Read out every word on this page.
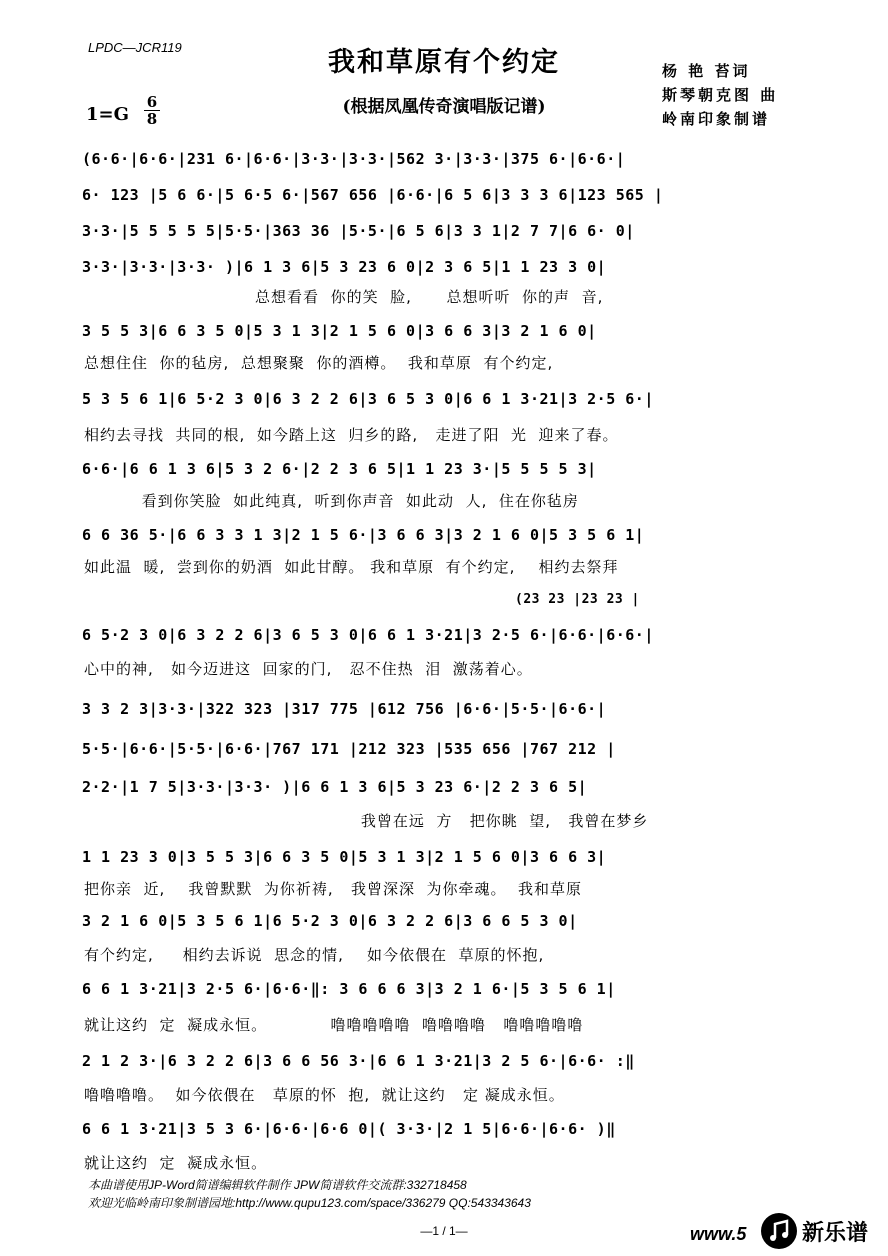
LPDC—JCR119	我和草原有个约定
(根据凤凰传奇演唱版记谱)
杨 艳 苔词
斯琴朝克图 曲
岭南印象制谱
$1=G \frac{6}{8}$
(6·6·|6·6·|231 6·|6·6·|3·3·|3·3·|562 3·|3·3·|375 6·|6·6·|
6· 123 |5 6 6·|5 6·5 6·|567 656 |6·6·|6 5 6|3 3 3 6|123 565 |
3·3·|5 5 5 5 5|5·5·|363 36 |5·5·|6 5 6|3 3 1|2 7 7|6 6· 0|
3·3·|3·3·|3·3· )|6 1 3 6|5 3 23 6 0|2 3 6 5|1 1 23 3 0|
总想看看  你的笑  脸,      总想听听  你的声  音,
3 5 5 3|6 6 3 5 0|5 3 1 3|2 1 5 6 0|3 6 6 3|3 2 1 6 0|
总想住住  你的毡房,  总想聚聚  你的酒樽。  我和草原  有个约定,
5 3 5 6 1|6 5·2 3 0|6 3 2 2 6|3 6 5 3 0|6 6 1 3·21|3 2·5 6·|
相约去寻找  共同的根,  如今踏上这  归乡的路,   走进了阳  光  迎来了春。
6·6·|6 6 1 3 6|5 3 2 6·|2 2 3 6 5|1 1 23 3·|5 5 5 5 3|
看到你笑脸  如此纯真,  听到你声音  如此动  人,  住在你毡房
6 6 36 5·|6 6 3 3 1 3|2 1 5 6·|3 6 6 3|3 2 1 6 0|5 3 5 6 1|
如此温  暖,  尝到你的奶酒  如此甘醇。 我和草原  有个约定,    相约去祭拜
(23 23 |23 23 |
6 5·2 3 0|6 3 2 2 6|3 6 5 3 0|6 6 1 3·21|3 2·5 6·|6·6·|6·6·|
心中的神,   如今迈进这  回家的门,   忍不住热  泪  激荡着心。
3 3 2 3|3·3·|322 323 |317 775 |612 756 |6·6·|5·5·|6·6·|
5·5·|6·6·|5·5·|6·6·|767 171 |212 323 |535 656 |767 212 |
2·2·|1 7 5|3·3·|3·3· )|6 6 1 3 6|5 3 23 6·|2 2 3 6 5|
我曾在远  方   把你眺  望,   我曾在梦乡
1 1 23 3 0|3 5 5 3|6 6 3 5 0|5 3 1 3|2 1 5 6 0|3 6 6 3|
把你亲  近,    我曾默默  为你祈祷,   我曾深深  为你牵魂。  我和草原
3 2 1 6 0|5 3 5 6 1|6 5·2 3 0|6 3 2 2 6|3 6 6 5 3 0|
有个约定,     相约去诉说  思念的情,    如今依偎在  草原的怀抱,
6 6 1 3·21|3 2·5 6·|6·6·‖: 3 6 6 6 3|3 2 1 6·|5 3 5 6 1|
就让这约  定  凝成永恒。           噜噜噜噜噜  噜噜噜噜   噜噜噜噜噜
2 1 2 3·|6 3 2 2 6|3 6 6 56 3·|6 6 1 3·21|3 2 5 6·|6·6· :‖
噜噜噜噜。  如今依偎在   草原的怀  抱,  就让这约   定 凝成永恒。
6 6 1 3·21|3 5 3 6·|6·6·|6·6 0|( 3·3·|2 1 5|6·6·|6·6· )‖
就让这约  定  凝成永恒。
本曲谱使用JP-Word简谱编辑软件制作 JPW简谱软件交流群:332718458
欢迎光临岭南印象制谱园地:http://www.qupu123.com/space/336279 QQ:543343643
—1 / 1—	www.5	新乐谱
